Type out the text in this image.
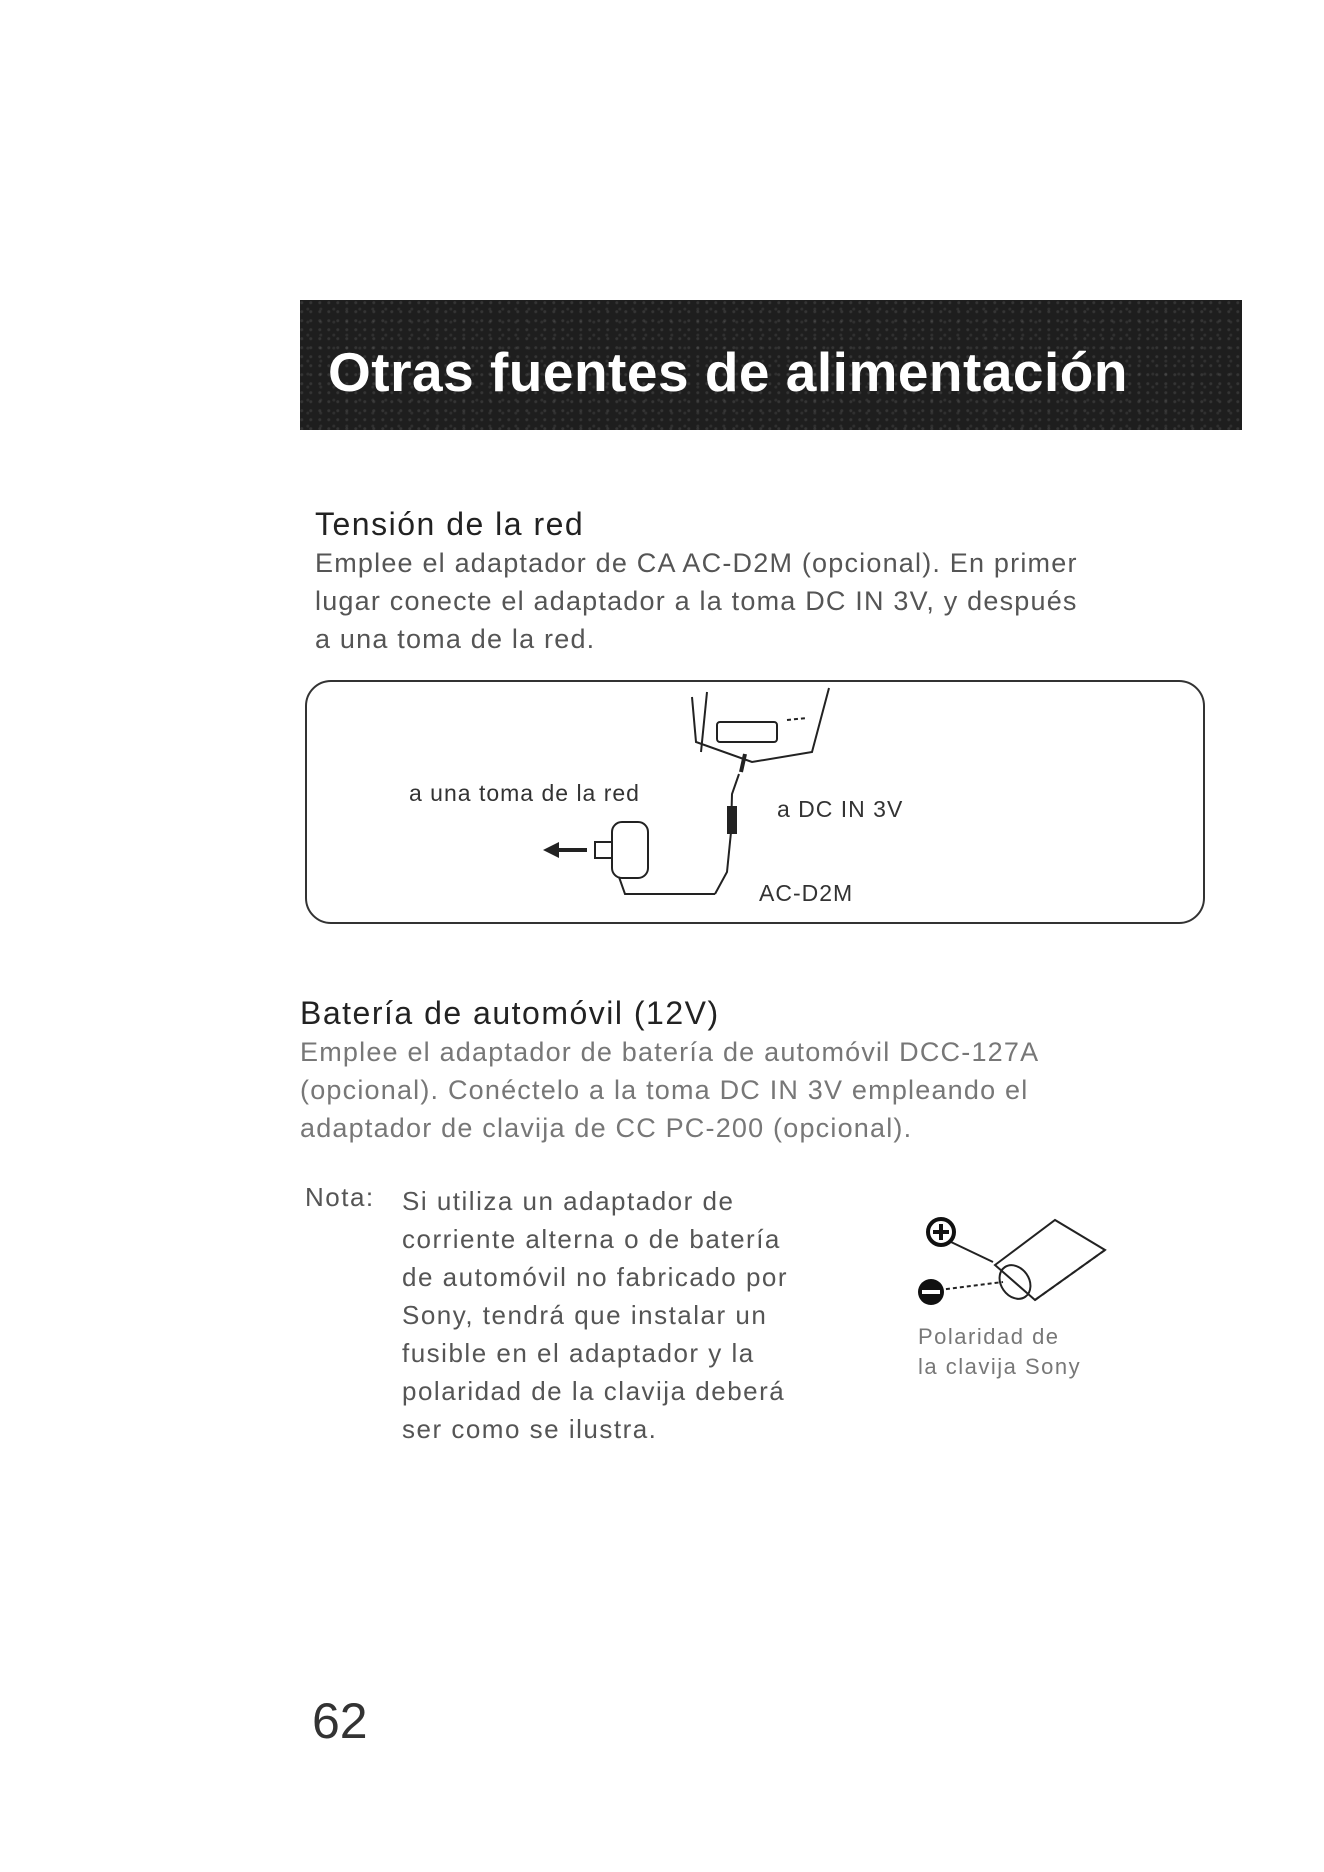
Otras fuentes de alimentación
Tensión de la red
Emplee el adaptador de CA AC-D2M (opcional). En primer
lugar conecte el adaptador a la toma DC IN 3V, y después
a una toma de la red.
a una toma de la red
a DC IN 3V
AC-D2M
Batería de automóvil (12V)
Emplee el adaptador de batería de automóvil DCC-127A
(opcional). Conéctelo a la toma DC IN 3V empleando el
adaptador de clavija de CC PC-200 (opcional).
Nota: Si utiliza un adaptador de
corriente alterna o de batería
de automóvil no fabricado por
Sony, tendrá que instalar un
fusible en el adaptador y la
polaridad de la clavija deberá
ser como se ilustra.
Polaridad de
la clavija Sony
62
